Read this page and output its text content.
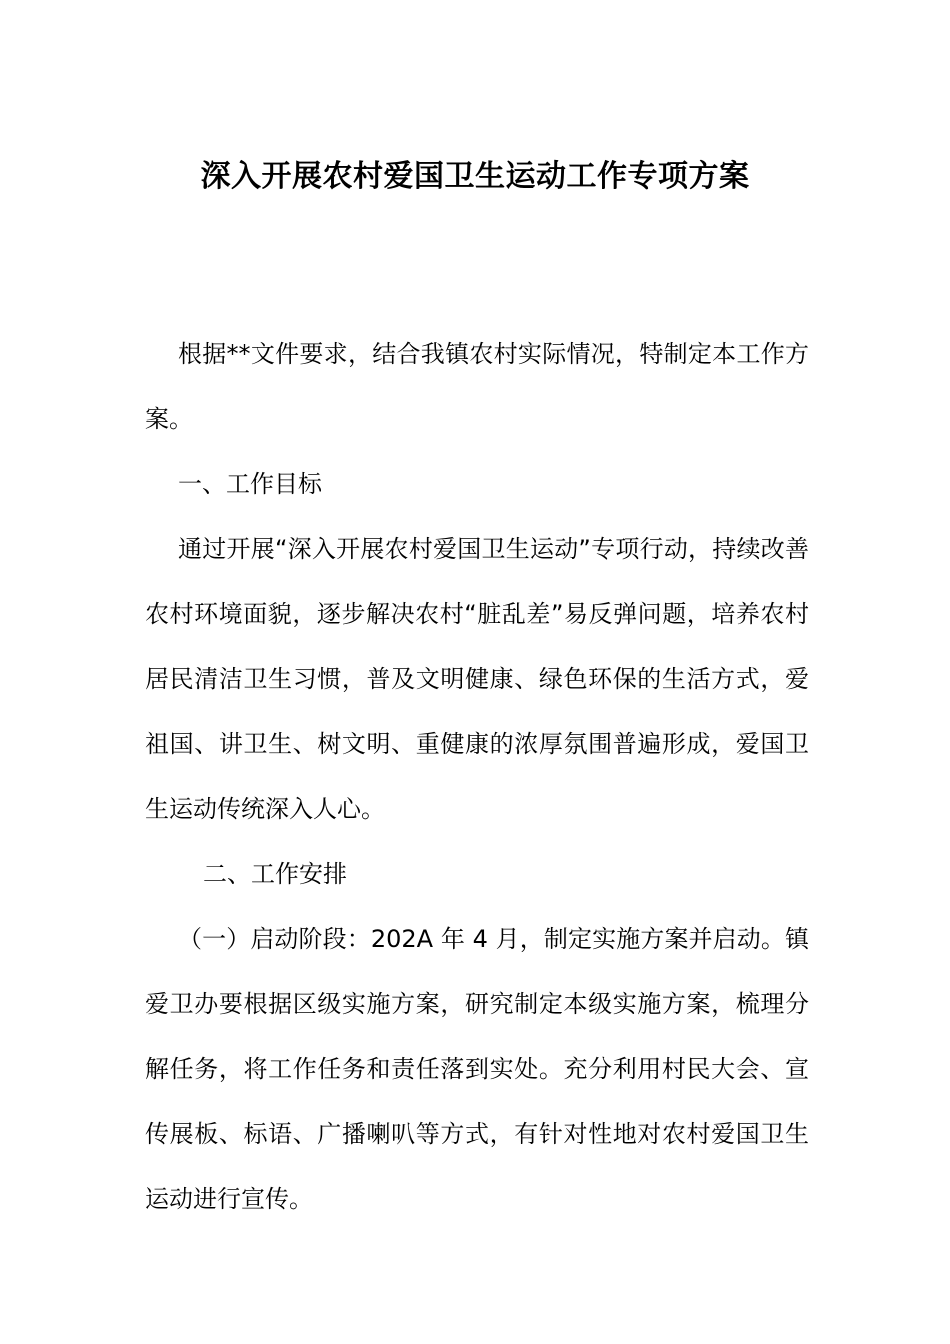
深入开展农村爱国卫生运动工作专项方案

根据**文件要求，结合我镇农村实际情况，特制定本工作方案。

一、工作目标

通过开展“深入开展农村爱国卫生运动”专项行动，持续改善农村环境面貌，逐步解决农村“脏乱差”易反弹问题，培养农村居民清洁卫生习惯，普及文明健康、绿色环保的生活方式，爱祖国、讲卫生、树文明、重健康的浓厚氛围普遍形成，爱国卫生运动传统深入人心。

二、工作安排

（一）启动阶段：202A 年 4 月，制定实施方案并启动。镇爱卫办要根据区级实施方案，研究制定本级实施方案，梳理分解任务，将工作任务和责任落到实处。充分利用村民大会、宣传展板、标语、广播喇叭等方式，有针对性地对农村爱国卫生运动进行宣传。
